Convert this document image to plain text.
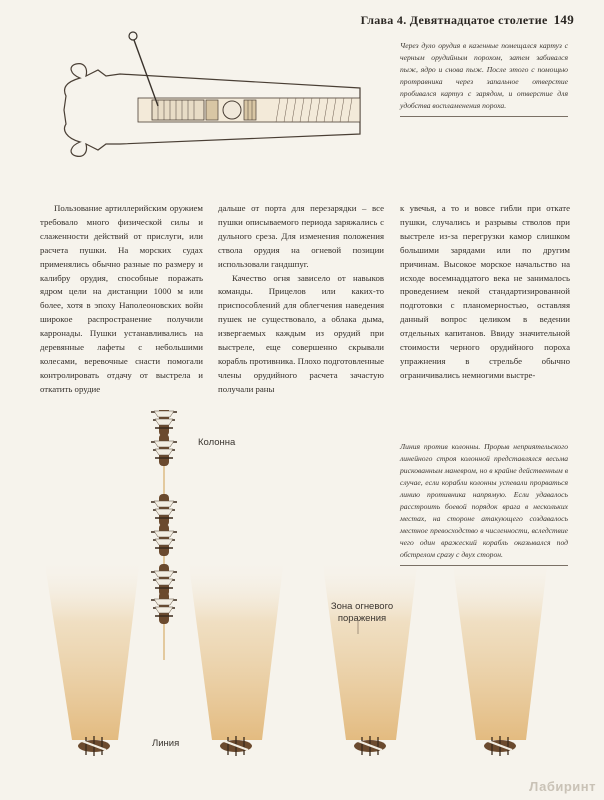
Глава 4. Девятнадцатое столетие 149
Через дуло орудия в казенные помещался картуз с черным орудийным порохом, затем забивался пыж, ядро и снова пыж. После этого с помощью протравника через запальное отверстие пробивался картуз с зарядом, и отверстие для удобства воспламенения пороха.

Пользование артиллерийским оружием требовало много физической силы и слаженности действий от прислуги, или расчета пушки. На морских судах применялись обычно разные по размеру и калибру орудия, способные поражать ядром цели на дистанции 1000 м или более, хотя в эпоху Наполеоновских войн широкое распространение получили карронады. Пушки устанавливались на деревянные лафеты с небольшими колесами, веревочные снасти помогали контролировать отдачу от выстрела и откатить орудие

дальше от порта для перезарядки – все пушки описываемого периода заряжались с дульного среза. Для изменения положения ствола орудия на огневой позиции использовали гандшпуг.

Качество огня зависело от навыков команды. Прицелов или каких-то приспособлений для облегчения наведения пушек не существовало, а облака дыма, извергаемых каждым из орудий при выстреле, еще совершенно скрывали корабль противника. Плохо подготовленные члены орудийного расчета зачастую получали раны

к увечья, а то и вовсе гибли при откате пушки, случались и разрывы стволов при выстреле из-за перегрузки камор слишком большими зарядами или по другим причинам. Высокое морское начальство на исходе восемнадцатого века не занималось проведением некой стандартизированной подготовки с планомерностью, оставляя данный вопрос целиком в ведении отдельных капитанов. Ввиду значительной стоимости черного орудийного пороха упражнения в стрельбе обычно ограничивались немногими выстре-

Колонна
Зона огневого
поражения
Линия
Линия против колонны. Прорыв неприятельского линейного строя колонной представлялся весьма рискованным маневром, но в крайне действенным в случае, если корабли колонны успевали прорваться линию противника напрямую. Если удавалось расстроить боевой порядок врага в нескольких местах, на стороне атакующего создавалось местное превосходство в численности, вследствие чего один вражеский корабль оказывался под обстрелом сразу с двух сторон.
Лабиринт
